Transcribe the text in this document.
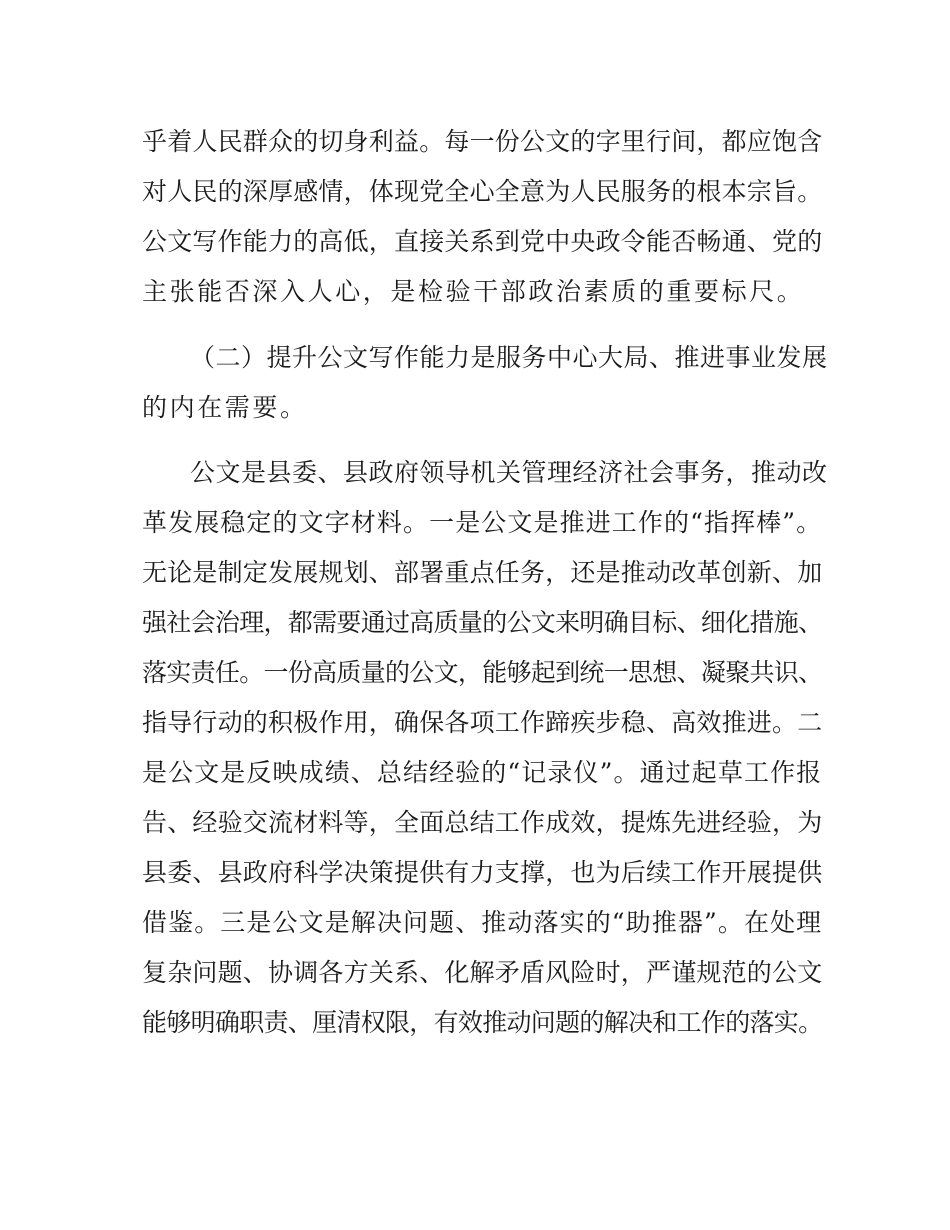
乎着人民群众的切身利益。每一份公文的字里行间，都应饱含

对人民的深厚感情，体现党全心全意为人民服务的根本宗旨。

公文写作能力的高低，直接关系到党中央政令能否畅通、党的

主张能否深入人心，是检验干部政治素质的重要标尺。

（二）提升公文写作能力是服务中心大局、推进事业发展

的内在需要。

公文是县委、县政府领导机关管理经济社会事务，推动改

革发展稳定的文字材料。一是公文是推进工作的“指挥棒”。

无论是制定发展规划、部署重点任务，还是推动改革创新、加

强社会治理，都需要通过高质量的公文来明确目标、细化措施、

落实责任。一份高质量的公文，能够起到统一思想、凝聚共识、

指导行动的积极作用，确保各项工作蹄疾步稳、高效推进。二

是公文是反映成绩、总结经验的“记录仪”。通过起草工作报

告、经验交流材料等，全面总结工作成效，提炼先进经验，为

县委、县政府科学决策提供有力支撑，也为后续工作开展提供

借鉴。三是公文是解决问题、推动落实的“助推器”。在处理

复杂问题、协调各方关系、化解矛盾风险时，严谨规范的公文

能够明确职责、厘清权限，有效推动问题的解决和工作的落实。
